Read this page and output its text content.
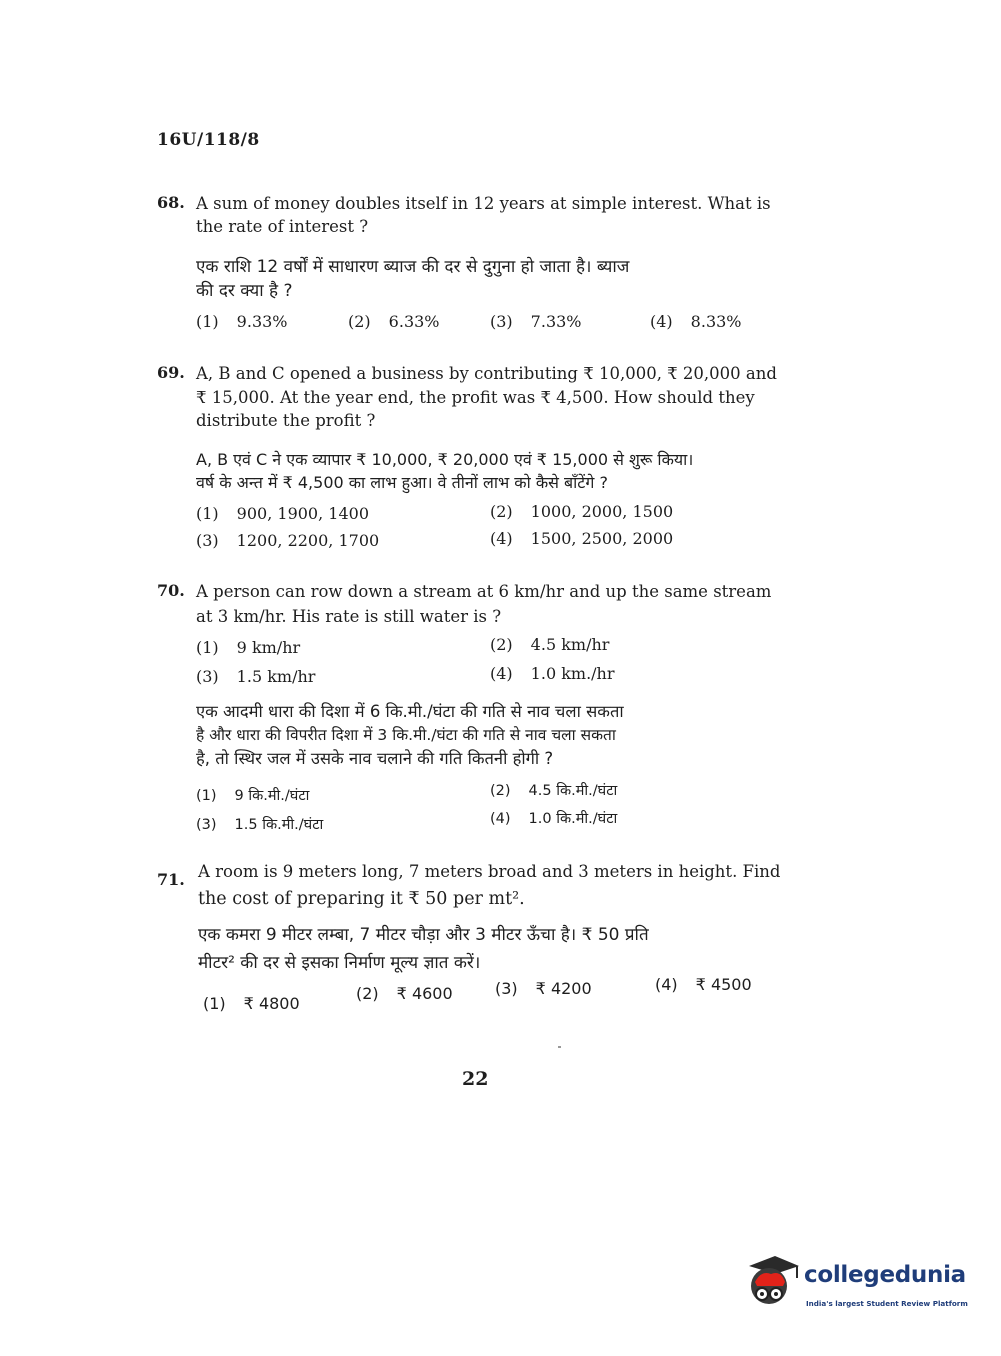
16U/118/8
68. A sum of money doubles itself in 12 years at simple interest. What is
the rate of interest ?
एक राशि 12 वर्षों में साधारण ब्याज की दर से दुगुना हो जाता है। ब्याज
की दर क्या है ?
(1) 9.33%	(2) 6.33%	(3) 7.33%	(4) 8.33%
69. A, B and C opened a business by contributing ₹ 10,000, ₹ 20,000 and
₹ 15,000. At the year end, the profit was ₹ 4,500. How should they
distribute the profit ?
A, B एवं C ने एक व्यापार ₹ 10,000, ₹ 20,000 एवं ₹ 15,000 से शुरू किया।
वर्ष के अन्त में ₹ 4,500 का लाभ हुआ। वे तीनों लाभ को कैसे बाँटेंगे ?
(1) 900, 1900, 1400	(2) 1000, 2000, 1500
(3) 1200, 2200, 1700	(4) 1500, 2500, 2000
70. A person can row down a stream at 6 km/hr and up the same stream
at 3 km/hr. His rate is still water is ?
(1) 9 km/hr	(2) 4.5 km/hr
(3) 1.5 km/hr	(4) 1.0 km./hr
एक आदमी धारा की दिशा में 6 कि.मी./घंटा की गति से नाव चला सकता
है और धारा की विपरीत दिशा में 3 कि.मी./घंटा की गति से नाव चला सकता
है, तो स्थिर जल में उसके नाव चलाने की गति कितनी होगी ?
(1) 9 कि.मी./घंटा	(2) 4.5 कि.मी./घंटा
(3) 1.5 कि.मी./घंटा	(4) 1.0 कि.मी./घंटा
71. A room is 9 meters long, 7 meters broad and 3 meters in height. Find
the cost of preparing it ₹ 50 per mt².
एक कमरा 9 मीटर लम्बा, 7 मीटर चौड़ा और 3 मीटर ऊँचा है। ₹ 50 प्रति
मीटर² की दर से इसका निर्माण मूल्य ज्ञात करें।
(1) ₹ 4800
(2) ₹ 4600	(3) ₹ 4200	(4) ₹ 4500
22
collegedunia
India's largest Student Review Platform
